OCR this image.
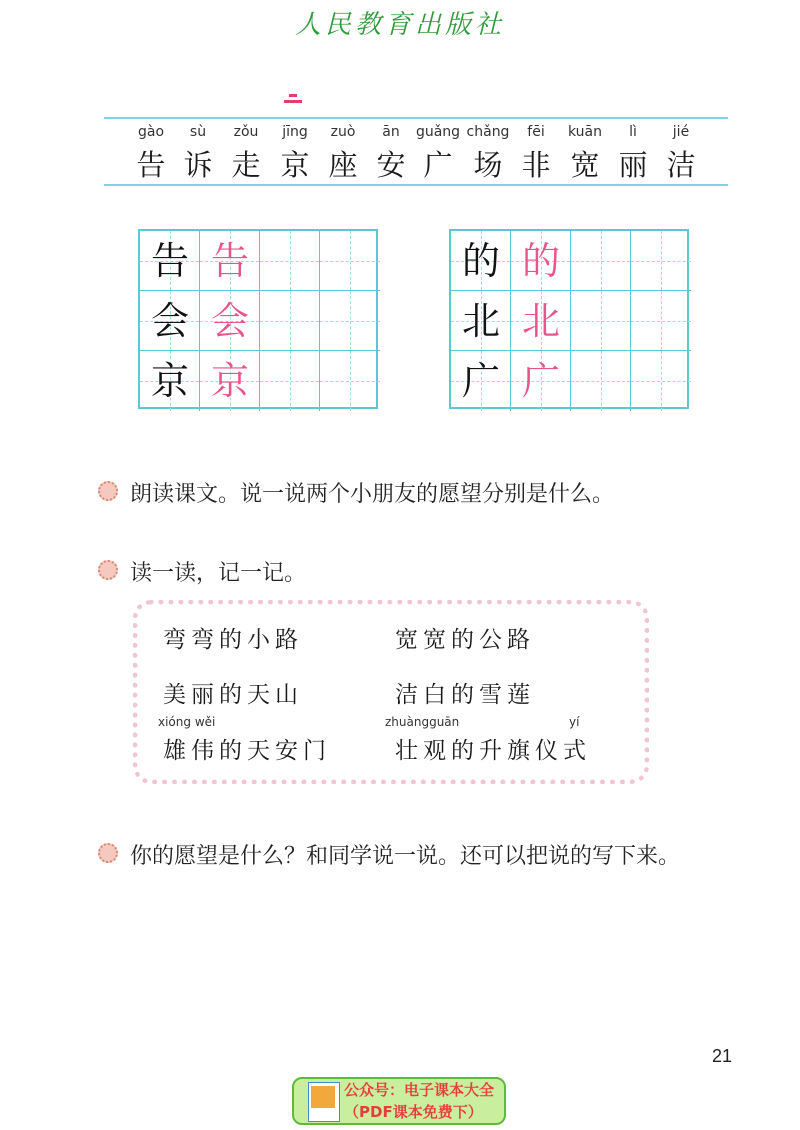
人民教育出版社
gào sù zǒu jīng zuò ān guǎng chǎng fēi kuān lì	jié
告 诉 走 京 座 安 广 场 非 宽 丽 洁
告 告
会 会
京 京
的 的
北 北
广 广
朗读课文。说一说两个小朋友的愿望分别是什么。
读一读，记一记。
弯弯的小路	宽宽的公路
美丽的天山	洁白的雪莲
xióng wěi	zhuàngguān	yí
雄伟的天安门	壮观的升旗仪式
你的愿望是什么？和同学说一说。还可以把说的写下来。
21
公众号：电子课本大全
（PDF课本免费下）
